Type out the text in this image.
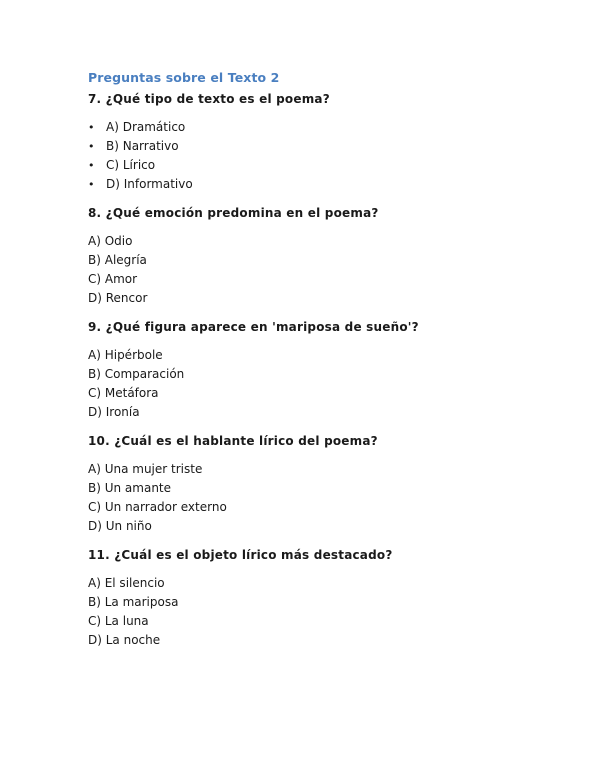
Preguntas sobre el Texto 2
7. ¿Qué tipo de texto es el poema?
• A) Dramático
• B) Narrativo
• C) Lírico
• D) Informativo
8. ¿Qué emoción predomina en el poema?
A) Odio
B) Alegría
C) Amor
D) Rencor
9. ¿Qué figura aparece en 'mariposa de sueño'?
A) Hipérbole
B) Comparación
C) Metáfora
D) Ironía
10. ¿Cuál es el hablante lírico del poema?
A) Una mujer triste
B) Un amante
C) Un narrador externo
D) Un niño
11. ¿Cuál es el objeto lírico más destacado?
A) El silencio
B) La mariposa
C) La luna
D) La noche
